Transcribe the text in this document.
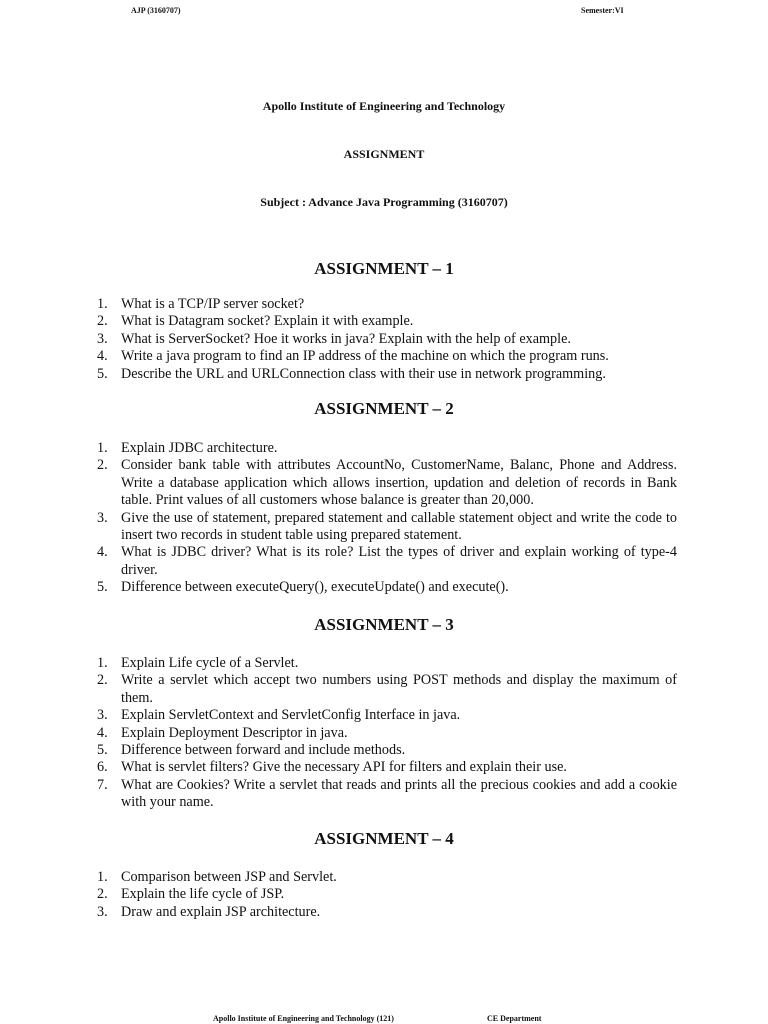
AJP (3160707)	Semester:VI
Apollo Institute of Engineering and Technology
ASSIGNMENT
Subject : Advance Java Programming (3160707)
ASSIGNMENT – 1
1. What is a TCP/IP server socket?
2. What is Datagram socket? Explain it with example.
3. What is ServerSocket? Hoe it works in java? Explain with the help of example.
4. Write a java program to find an IP address of the machine on which the program runs.
5. Describe the URL and URLConnection class with their use in network programming.
ASSIGNMENT – 2
1. Explain JDBC architecture.
2. Consider bank table with attributes AccountNo, CustomerName, Balanc, Phone and Address. Write a database application which allows insertion, updation and deletion of records in Bank table. Print values of all customers whose balance is greater than 20,000.
3. Give the use of statement, prepared statement and callable statement object and write the code to insert two records in student table using prepared statement.
4. What is JDBC driver? What is its role? List the types of driver and explain working of type-4 driver.
5. Difference between executeQuery(), executeUpdate() and execute().
ASSIGNMENT – 3
1. Explain Life cycle of a Servlet.
2. Write a servlet which accept two numbers using POST methods and display the maximum of them.
3. Explain ServletContext and ServletConfig Interface in java.
4. Explain Deployment Descriptor in java.
5. Difference between forward and include methods.
6. What is servlet filters? Give the necessary API for filters and explain their use.
7. What are Cookies? Write a servlet that reads and prints all the precious cookies and add a cookie with your name.
ASSIGNMENT – 4
1. Comparison between JSP and Servlet.
2. Explain the life cycle of JSP.
3. Draw and explain JSP architecture.
Apollo Institute of Engineering and Technology (121)	CE Department
